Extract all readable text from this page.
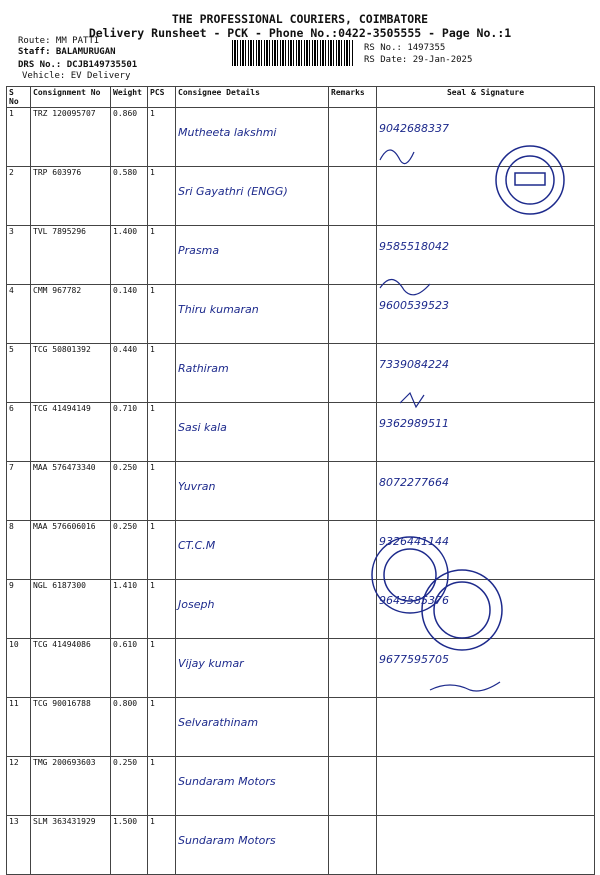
THE PROFESSIONAL COURIERS, COIMBATORE
Delivery Runsheet - PCK - Phone No.:0422-3505555 - Page No.:1
Route: MM PATTI
Staff: BALAMURUGAN
DRS No.: DCJB149735501
Vehicle: EV Delivery
RS No.: 1497355
RS Date: 29-Jan-2025
S No	Consignment No	Weight	PCS	Consignee Details	Remarks	Seal & Signature
1	TRZ 120095707	0.860	1	Mutheeta lakshmi		9042688337
2	TRP 603976	0.580	1	Sri Gayathri (ENGG)		
3	TVL 7895296	1.400	1	Prasma		9585518042
4	CMM 967782	0.140	1	Thiru kumaran		9600539523
5	TCG 50801392	0.440	1	Rathiram		7339084224
6	TCG 41494149	0.710	1	Sasi kala		9362989511
7	MAA 576473340	0.250	1	Yuvran		8072277664
8	MAA 576606016	0.250	1	CT.C.M		9326441144
9	NGL 6187300	1.410	1	Joseph		9643585376
10	TCG 41494086	0.610	1	Vijay kumar		9677595705
11	TCG 90016788	0.800	1	Selvarathinam		
12	TMG 200693603	0.250	1	Sundaram Motors		
13	SLM 363431929	1.500	1	Sundaram Motors		
